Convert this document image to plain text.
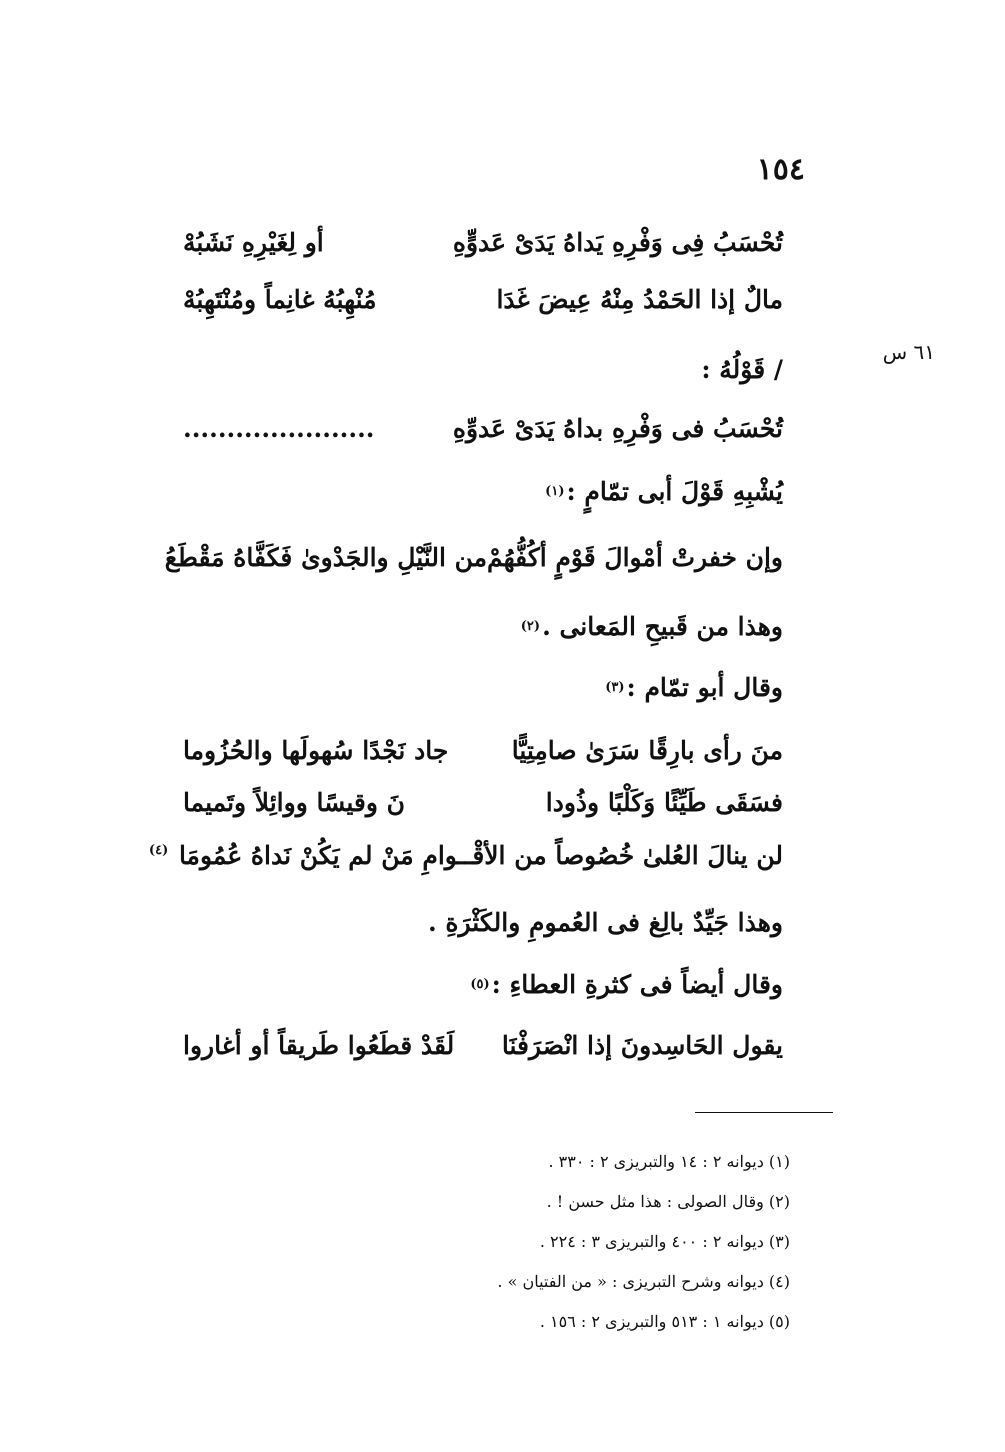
١٥٤
٦١ س
تُحْسَبُ فِى وَفْرِهِ يَداهُ يَدَىْ عَدوٍّهِ
أو لِغَيْرِهِ نَشَبُهْ
مالٌ إذا الحَمْدُ مِنْهُ عِيضَ غَدَا
مُنْهِبُهُ غانِماً ومُنْتَهِبُهْ
/ قَوْلُهُ :
تُحْسَبُ فى وَفْرِهِ بداهُ يَدَىْ عَدوِّهِ
......................
يُشْبِهِ قَوْلَ أبى تمّامٍ :
(١)
وإن خفرتْ أمْوالَ قَوْمٍ أكُفُّهُمْ
من النَّيْلِ والجَدْوىٰ فَكَفَّاهُ مَقْطَعُ
وهذا من قَبيحِ المَعانى .
(٢)
وقال أبو تمّام :
(٣)
منَ رأى بارِقًا سَرَىٰ صامِتِيًّا
جاد نَجْدًا سُهولَها والحُزُوما
فسَقَى طَيِّئًا وَكَلْبًا وذُودا
نَ وقيسًا ووائِلاً وتَميما
لن ينالَ العُلىٰ خُصُوصاً من الأقْـ
ـوامِ مَنْ لم يَكُنْ نَداهُ عُمُومَا $^{(٤)}$
وهذا جَيِّدٌ بالِغ فى العُمومِ والكَثْرَةِ .
وقال أيضاً فى كثرةِ العطاءِ :
(٥)
يقول الحَاسِدونَ إذا انْصَرَفْنَا
لَقَدْ قطَعُوا طَريقاً أو أغاروا
(١) ديوانه ٢ : ١٤ والتبريزى ٢ : ٣٣٠ .
(٢) وقال الصولى : هذا مثل حسن ! .
(٣) ديوانه ٢ : ٤٠٠ والتبريزى ٣ : ٢٢٤ .
(٤) ديوانه وشرح التبريزى : « من الفتيان » .
(٥) ديوانه ١ : ٥١٣ والتبريزى ٢ : ١٥٦ .
